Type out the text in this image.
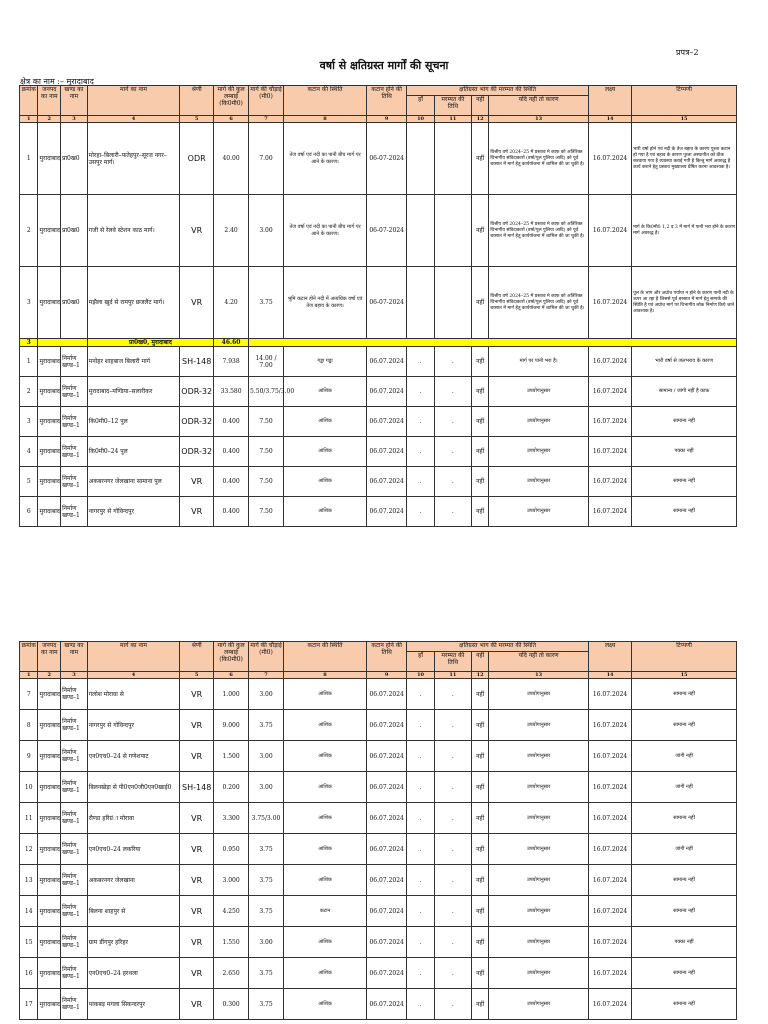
प्रपत्र–2
वर्षा से क्षतिग्रस्त मार्गों की सूचना
क्षेत्र का नाम :– मुरादाबाद
क्रमांक	जनपद का नाम	खण्ड का नाम	मार्ग का नाम	श्रेणी	मार्ग की कुल लम्बाई (कि0मी0)	मार्ग की चौड़ाई (मी0)	कटान की स्थिति	कटान होने की तिथि	क्षतिग्रस्त भाग की मरम्मत की स्थिति				लक्ष्य	टिप्पणी
									हाँ	मरम्मत की तिथि	नहीं	यदि नहीं तो कारण		
1	2	3	4	5	6	7	8	9	10	11	12	13	14	15
1	मुरादाबाद	प्रा0ख0	मोरहा–बिलारी–फतेहपुर–सूरज नगर–उसपुर मार्ग।	ODR	40.00	7.00	तेज वर्षा एवं नदी का पानी बीच मार्ग पर आने के कारण।	06-07-2024			नहीं	वित्तीय वर्ष 2024–25 में प्रस्ताव मे काफ़ को अतिरिक्त विभागीय संविदाकारों (वर्षा/पुल पुलिया आदि) को पूर्व बरसात में मार्ग हेतु कार्ययोजना में शामिल की जा चुकी है।	16.07.2024	भारी वर्षा होने एवं नदी के तेज बहाव के कारण पुश्ता कटान हो गया है एवं बहाव के कारण पुश्ता अस्थायीत को ठीक करवाया गया है व्यवस्था कराई गयी है किन्तु मार्ग अवरुद्ध है कार्य कराने हेतु प्रस्ताव मुख्यालय प्रेषित करना आवश्यक है।
2	मुरादाबाद	प्रा0ख0	गजी से रेलवे स्टेशन काठ मार्ग।	VR	2.40	3.00	तेज वर्षा एवं नदी का पानी बीच मार्ग पर आने के कारण।	06-07-2024			नहीं	वित्तीय वर्ष 2024–25 में प्रस्ताव मे काफ़ को अतिरिक्त विभागीय संविदाकारों (वर्षा/पुल पुलिया आदि) को पूर्व बरसात में मार्ग हेतु कार्ययोजना में शामिल की जा चुकी है।	16.07.2024	मार्ग के कि0मी0 1,2 व 3 में मार्ग में पानी भरा होने के कारण मार्ग अवरुद्ध है।
3	मुरादाबाद	प्रा0ख0	मझैला खुर्द से रामपुर छजलैट मार्ग।	VR	4.20	3.75	भूमि कटान होने नदी में अत्यधिक वर्षा एवं तेज बहाव के कारण।	06-07-2024			नहीं	वित्तीय वर्ष 2024–25 में प्रस्ताव मे काफ़ को अतिरिक्त विभागीय संविदाकारों (वर्षा/पुल पुलिया आदि) को पूर्व बरसात में मार्ग हेतु कार्ययोजना में शामिल की जा चुकी है।	16.07.2024	पुल के भाग और अप्रोच पर्याप्त न होने के कारण पानी नदी के ऊपर आ रहा है जिससे पूर्व बरसात में मार्ग हेतु सम्पर्क की स्थिति है एवं अप्रोच मार्ग पर विभागीय लोक निर्माण किये जाने आवश्यक है।
3			प्रा0ख0, मुरादाबाद		46.60									
1	मुरादाबाद	निर्माण खण्ड–1	मनोहर शाहबाज बिलारी मार्ग	SH-148	7.938	14.00 / 7.00	गड्ढा गड्ढा	06.07.2024	.	.	नहीं	मार्ग पर पानी भरा है।	16.07.2024	भारी वर्षा से जलभराव के कारण
2	मुरादाबाद	निर्माण खण्ड–1	मुरादाबाद–मण्डिया–सलारीकर	ODR-32	33.580	5.50/3.75/3.00	आंशिक	06.07.2024	.	.	नहीं	उपयोगानुसार	16.07.2024	सामान्य / जांगी नहीं है काफ़
3	मुरादाबाद	निर्माण खण्ड–1	कि0मी0–12 पुल	ODR-32	0.400	7.50	आंशिक	06.07.2024	.	.	नहीं	उपयोगानुसार	16.07.2024	सामान्य नहीं
4	मुरादाबाद	निर्माण खण्ड–1	कि0मी0–24 पुल	ODR-32	0.400	7.50	आंशिक	06.07.2024	.	.	नहीं	उपयोगानुसार	16.07.2024	पक्का नहीं
5	मुरादाबाद	निर्माण खण्ड–1	अकबरनगर जेलखाना सामाना पुल	VR	0.400	7.50	आंशिक	06.07.2024	.	.	नहीं	उपयोगानुसार	16.07.2024	सामान्य नहीं
6	मुरादाबाद	निर्माण खण्ड–1	नागरपुर से गोविन्दपुर	VR	0.400	7.50	आंशिक	06.07.2024	.	.	नहीं	उपयोगानुसार	16.07.2024	सामान्य नहीं
क्रमांक	जनपद का नाम	खण्ड का नाम	मार्ग का नाम	श्रेणी	मार्ग की कुल लम्बाई (कि0मी0)	मार्ग की चौड़ाई (मी0)	कटान की स्थिति	कटान होने की तिथि	क्षतिग्रस्त भाग की मरम्मत की स्थिति				लक्ष्य	टिप्पणी
									हाँ	मरम्मत की तिथि	नहीं	यदि नहीं तो कारण		
1	2	3	4	5	6	7	8	9	10	11	12	13	14	15
7	मुरादाबाद	निर्माण खण्ड–1	गलोश मोरावा से	VR	1.000	3.00	आंशिक	06.07.2024	.	.	नहीं	उपयोगानुसार	16.07.2024	सामान्य नहीं
8	मुरादाबाद	निर्माण खण्ड–1	नागरपुर से गोविन्दपुर	VR	9.000	3.75	आंशिक	06.07.2024	.	.	नहीं	उपयोगानुसार	16.07.2024	सामान्य नहीं
9	मुरादाबाद	निर्माण खण्ड–1	एन0एच0–24 से गणेशपाट	VR	1.500	3.00	आंशिक	06.07.2024	.	.	नहीं	उपयोगानुसार	16.07.2024	जांगी नहीं
10	मुरादाबाद	निर्माण खण्ड–1	बिलनखेड़ा से पी0एन0जी0एन0खाई0	SH-148	0.200	3.00	आंशिक	06.07.2024	.	.	नहीं	उपयोगानुसार	16.07.2024	जांगी नहीं
11	मुरादाबाद	निर्माण खण्ड–1	रौण्डा हरिग्रंा मोरावा	VR	3.300	3.75/3.00	आंशिक	06.07.2024	.	.	नहीं	उपयोगानुसार	16.07.2024	सामान्य नहीं
12	मुरादाबाद	निर्माण खण्ड–1	एन0एच0–24 लकरिया	VR	0.950	3.75	आंशिक	06.07.2024	.	.	नहीं	उपयोगानुसार	16.07.2024	जांगी नहीं
13	मुरादाबाद	निर्माण खण्ड–1	अकबरनगर जेलखाना	VR	3.000	3.75	आंशिक	06.07.2024	.	.	नहीं	उपयोगानुसार	16.07.2024	सामान्य नहीं
14	मुरादाबाद	निर्माण खण्ड–1	बिलना शाहपुर से	VR	4.250	3.75	कटान	06.07.2024	.	.	नहीं	उपयोगानुसार	16.07.2024	सामान्य नहीं
15	मुरादाबाद	निर्माण खण्ड–1	ग्राम डींगपुर हरिहर	VR	1.550	3.00	आंशिक	06.07.2024	.	.	नहीं	उपयोगानुसार	16.07.2024	पक्का नहीं
16	मुरादाबाद	निर्माण खण्ड–1	एन0एच0–24 हरथला	VR	2.650	3.75	आंशिक	06.07.2024	.	.	नहीं	उपयोगानुसार	16.07.2024	सामान्य नहीं
17	मुरादाबाद	निर्माण खण्ड–1	पाकबड़ मगला सिकन्दरपुर	VR	0.300	3.75	आंशिक	06.07.2024	.	.	नहीं	उपयोगानुसार	16.07.2024	सामान्य नहीं
